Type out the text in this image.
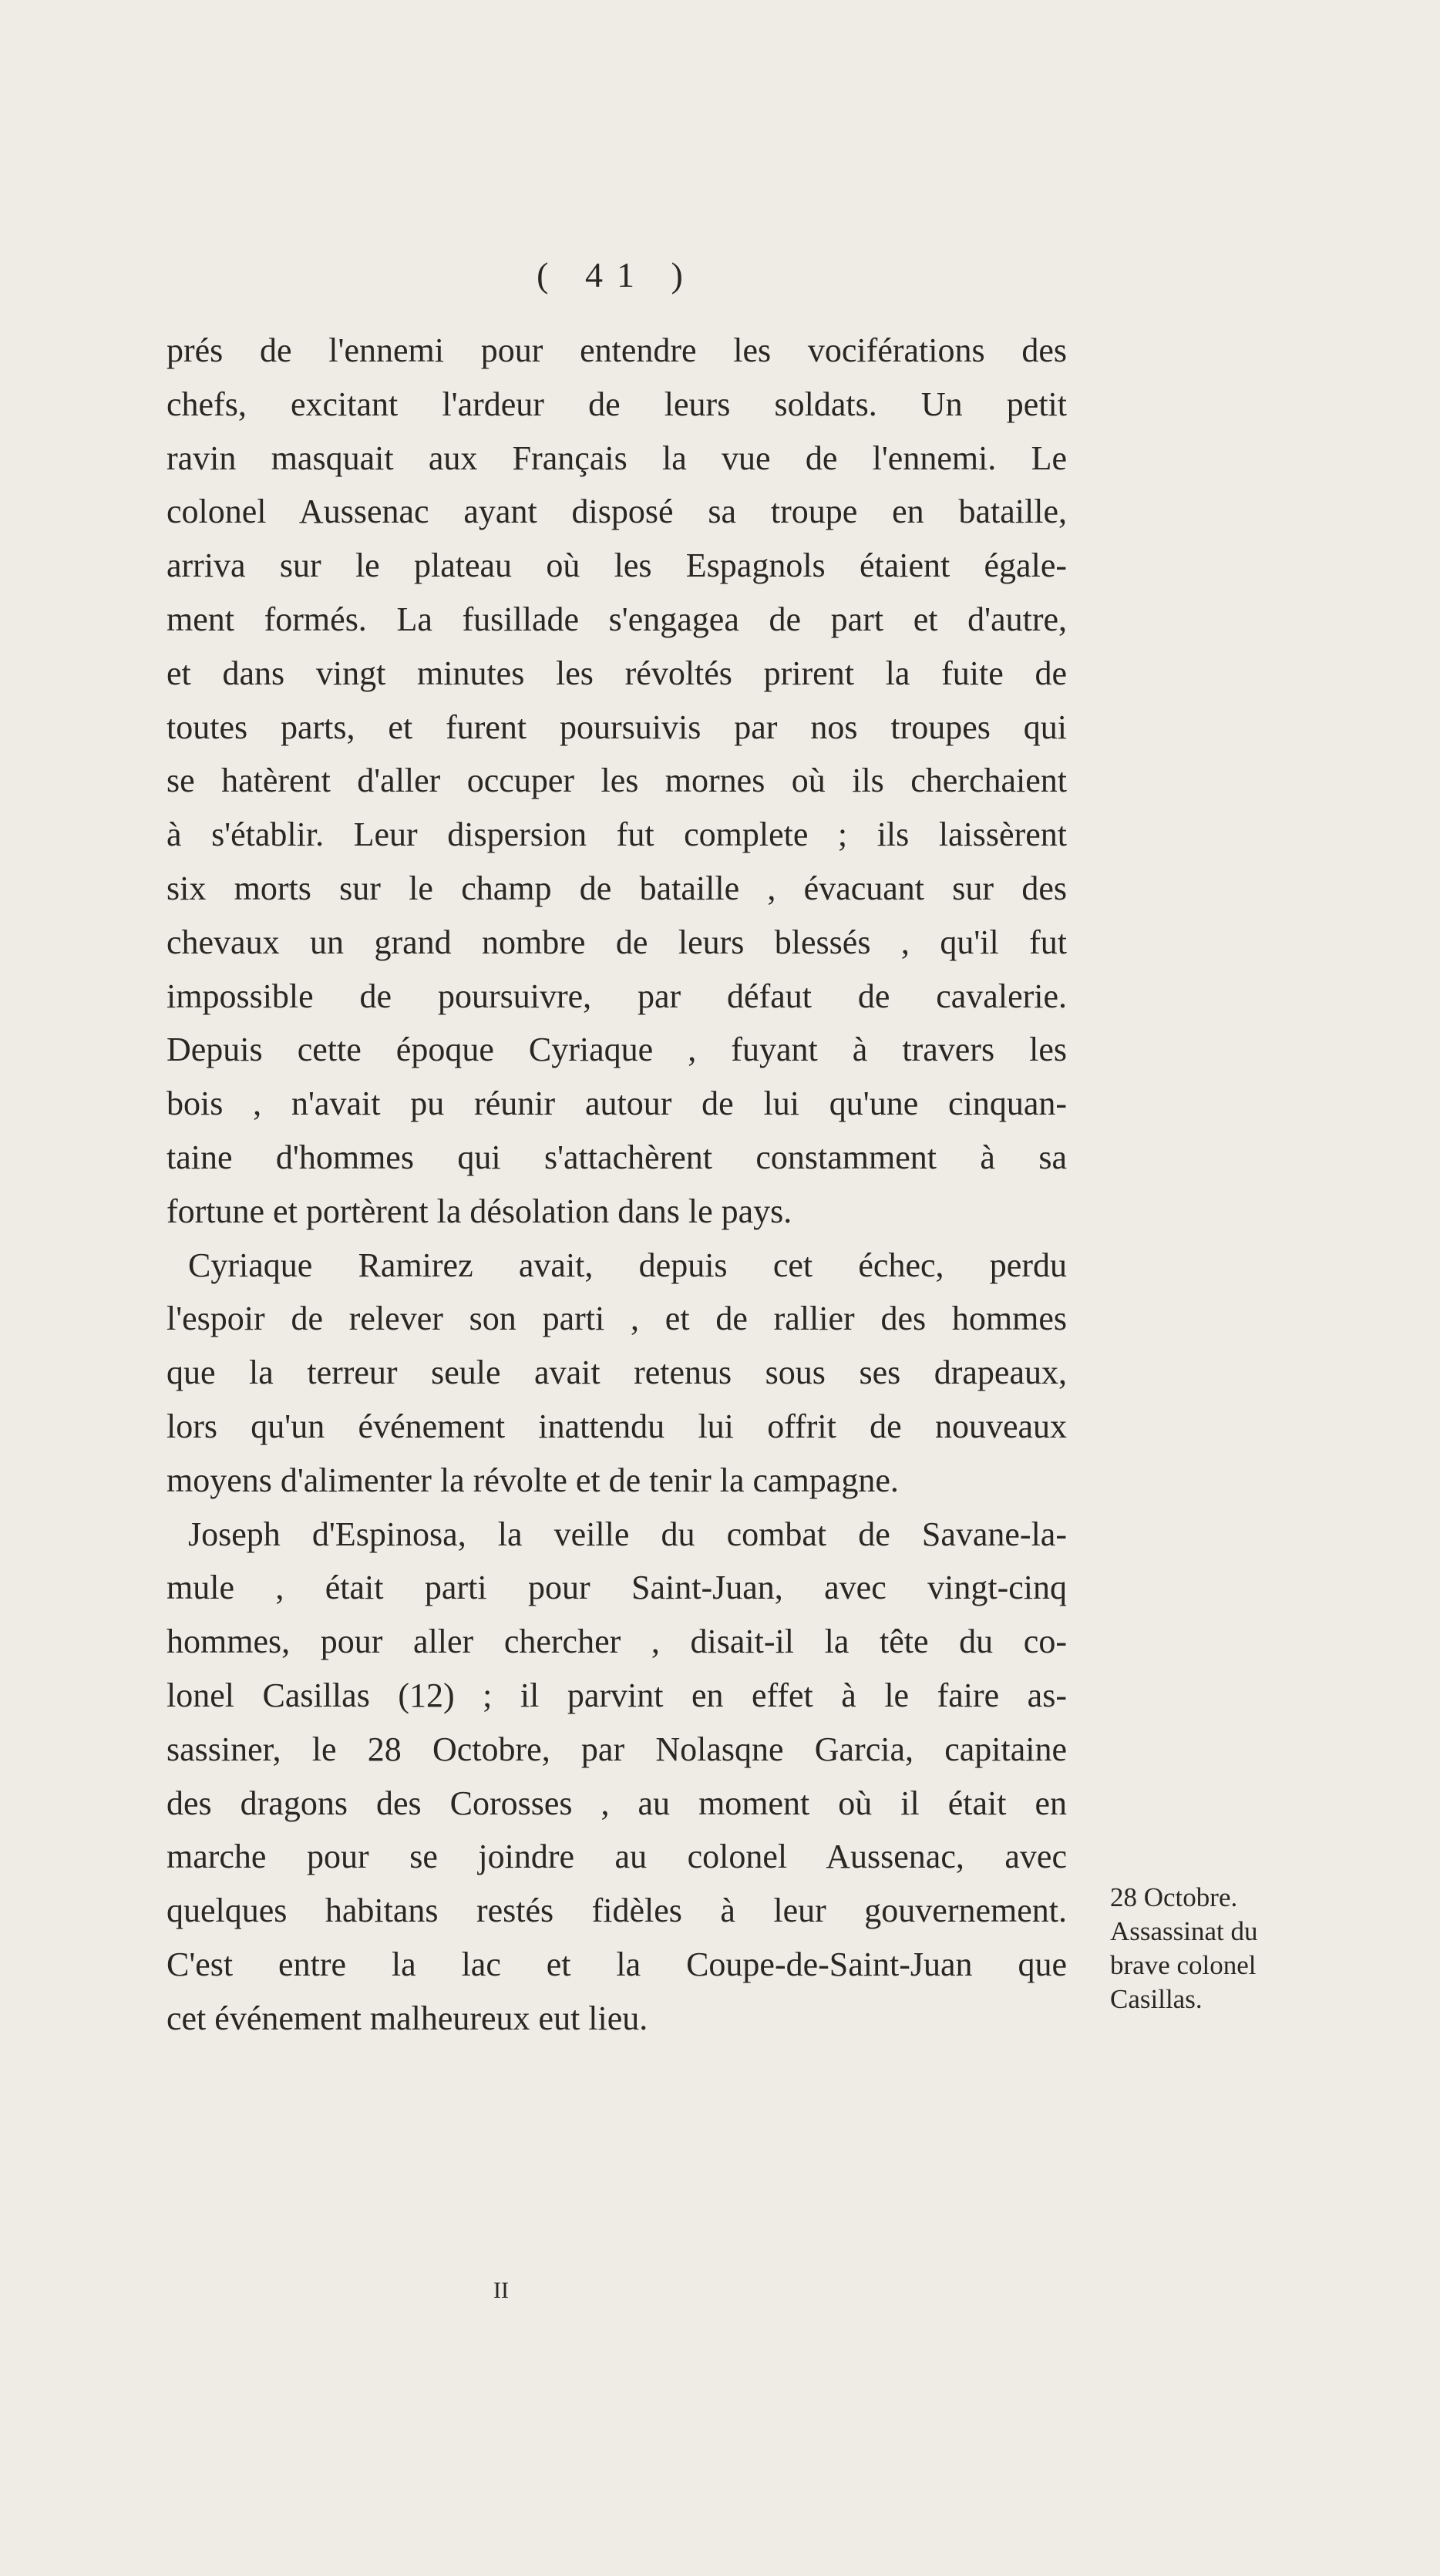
( 41 )
prés de l'ennemi pour entendre les vociférations des
chefs, excitant l'ardeur de leurs soldats. Un petit
ravin masquait aux Français la vue de l'ennemi. Le
colonel Aussenac ayant disposé sa troupe en bataille,
arriva sur le plateau où les Espagnols étaient égale-
ment formés. La fusillade s'engagea de part et d'autre,
et dans vingt minutes les révoltés prirent la fuite de
toutes parts, et furent poursuivis par nos troupes qui
se hatèrent d'aller occuper les mornes où ils cherchaient
à s'établir. Leur dispersion fut complete ; ils laissèrent
six morts sur le champ de bataille , évacuant sur des
chevaux un grand nombre de leurs blessés , qu'il fut
impossible de poursuivre, par défaut de cavalerie.
Depuis cette époque Cyriaque , fuyant à travers les
bois , n'avait pu réunir autour de lui qu'une cinquan-
taine d'hommes qui s'attachèrent constamment à sa
fortune et portèrent la désolation dans le pays.
Cyriaque Ramirez avait, depuis cet échec, perdu
l'espoir de relever son parti , et de rallier des hommes
que la terreur seule avait retenus sous ses drapeaux,
lors qu'un événement inattendu lui offrit de nouveaux
moyens d'alimenter la révolte et de tenir la campagne.
Joseph d'Espinosa, la veille du combat de Savane-la-
mule , était parti pour Saint-Juan, avec vingt-cinq
hommes, pour aller chercher , disait-il la tête du co-
lonel Casillas (12) ; il parvint en effet à le faire as-
sassiner, le 28 Octobre, par Nolasqne Garcia, capitaine
des dragons des Corosses , au moment où il était en
marche pour se joindre au colonel Aussenac, avec
quelques habitans restés fidèles à leur gouvernement.
C'est entre la lac et la Coupe-de-Saint-Juan que
cet événement malheureux eut lieu.
28 Octobre.
Assassinat du
brave colonel
Casillas.
II
